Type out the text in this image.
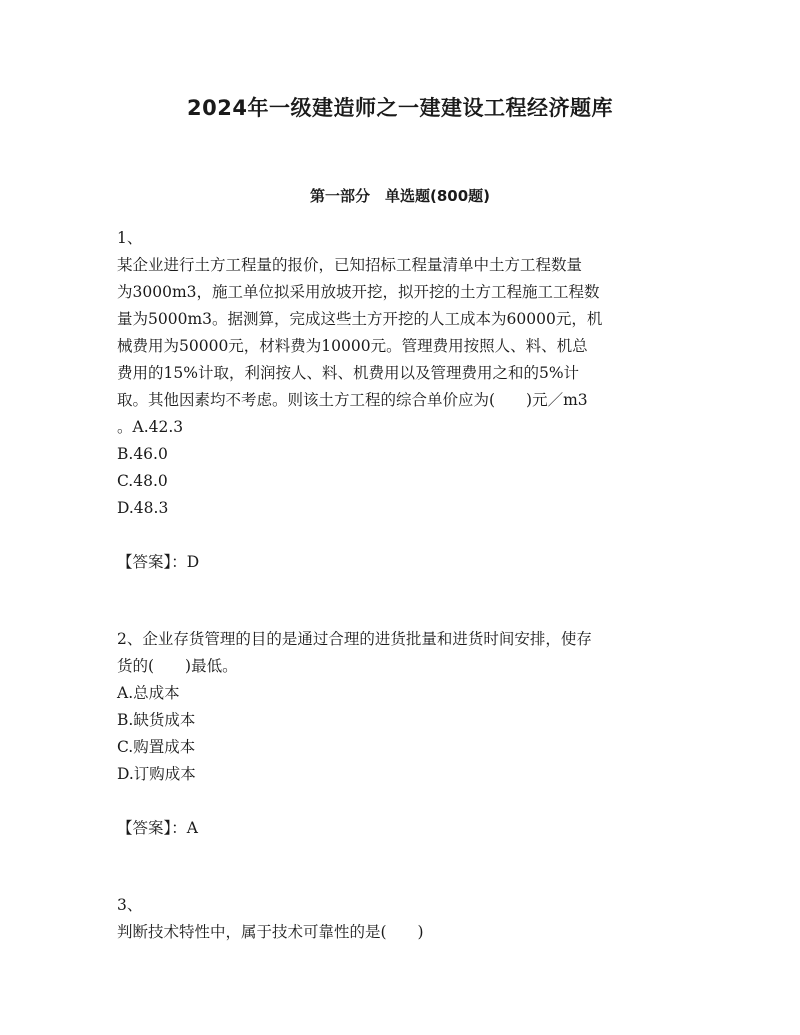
2024年一级建造师之一建建设工程经济题库
第一部分　单选题(800题)
1、
某企业进行土方工程量的报价，已知招标工程量清单中土方工程数量
为3000m3，施工单位拟采用放坡开挖，拟开挖的土方工程施工工程数
量为5000m3。据测算，完成这些土方开挖的人工成本为60000元，机
械费用为50000元，材料费为10000元。管理费用按照人、料、机总
费用的15%计取，利润按人、料、机费用以及管理费用之和的5%计
取。其他因素均不考虑。则该土方工程的综合单价应为(　　)元／m3
。A.42.3
B.46.0
C.48.0
D.48.3
【答案】：D
2、企业存货管理的目的是通过合理的进货批量和进货时间安排，使存
货的(　　)最低。
A.总成本
B.缺货成本
C.购置成本
D.订购成本
【答案】：A
3、
判断技术特性中，属于技术可靠性的是(　　)
